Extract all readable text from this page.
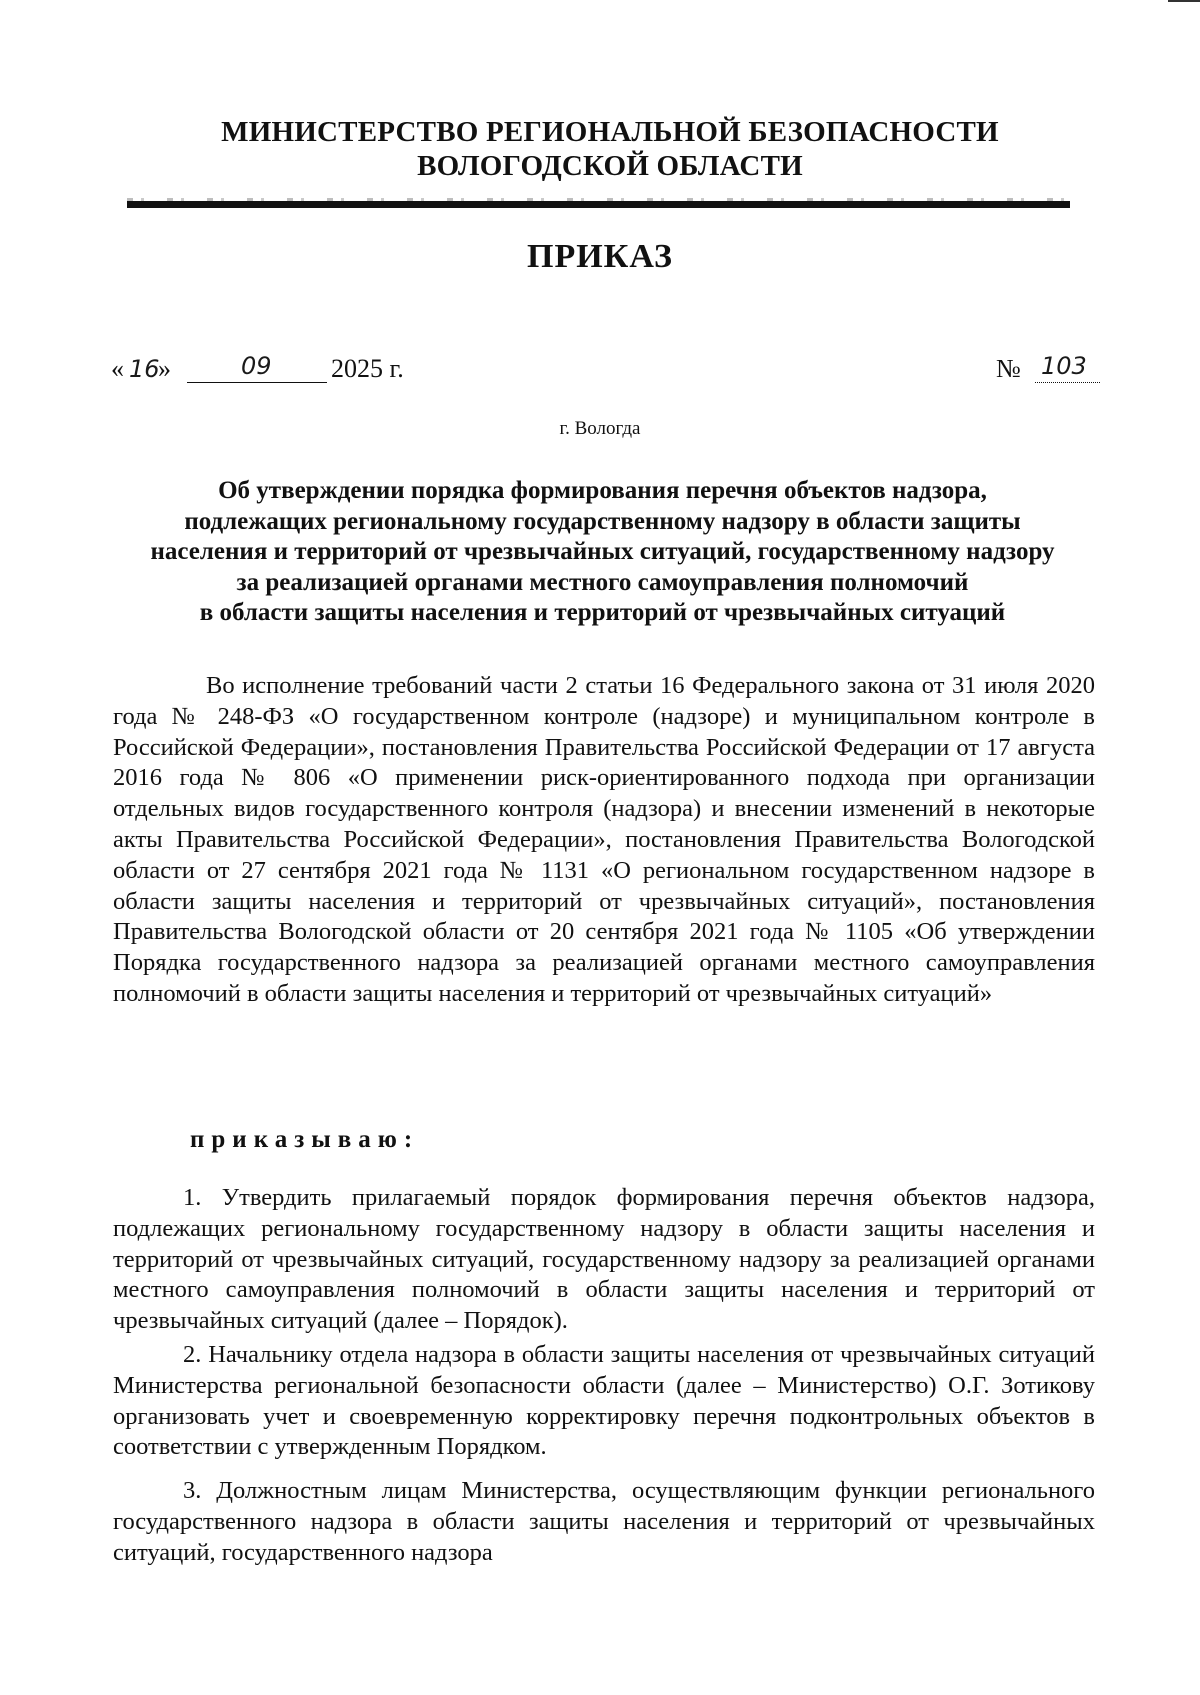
МИНИСТЕРСТВО РЕГИОНАЛЬНОЙ БЕЗОПАСНОСТИ
ВОЛОГОДСКОЙ ОБЛАСТИ
ПРИКАЗ
« 16
»	09 2025 г.	№ 103
г. Вологда
Об утверждении порядка формирования перечня объектов надзора,
подлежащих региональному государственному надзору в области защиты
населения и территорий от чрезвычайных ситуаций, государственному надзору
за реализацией органами местного самоуправления полномочий
в области защиты населения и территорий от чрезвычайных ситуаций

Во исполнение требований части 2 статьи 16 Федерального закона от 31 июля 2020 года № 248-ФЗ «О государственном контроле (надзоре) и муниципальном контроле в Российской Федерации», постановления Правительства Российской Федерации от 17 августа 2016 года № 806 «О применении риск-ориентированного подхода при организации отдельных видов государственного контроля (надзора) и внесении изменений в некоторые акты Правительства Российской Федерации», постановления Правительства Вологодской области от 27 сентября 2021 года № 1131 «О региональном государственном надзоре в области защиты населения и территорий от чрезвычайных ситуаций», постановления Правительства Вологодской области от 20 сентября 2021 года № 1105 «Об утверждении Порядка государственного надзора за реализацией органами местного самоуправления полномочий в области защиты населения и территорий от чрезвычайных ситуаций»

приказываю:

1. Утвердить прилагаемый порядок формирования перечня объектов надзора, подлежащих региональному государственному надзору в области защиты населения и территорий от чрезвычайных ситуаций, государственному надзору за реализацией органами местного самоуправления полномочий в области защиты населения и территорий от чрезвычайных ситуаций (далее – Порядок).

2. Начальнику отдела надзора в области защиты населения от чрезвычайных ситуаций Министерства региональной безопасности области (далее – Министерство) О.Г. Зотикову организовать учет и своевременную корректировку перечня подконтрольных объектов в соответствии с утвержденным Порядком.

3. Должностным лицам Министерства, осуществляющим функции регионального государственного надзора в области защиты населения и территорий от чрезвычайных ситуаций, государственного надзора
